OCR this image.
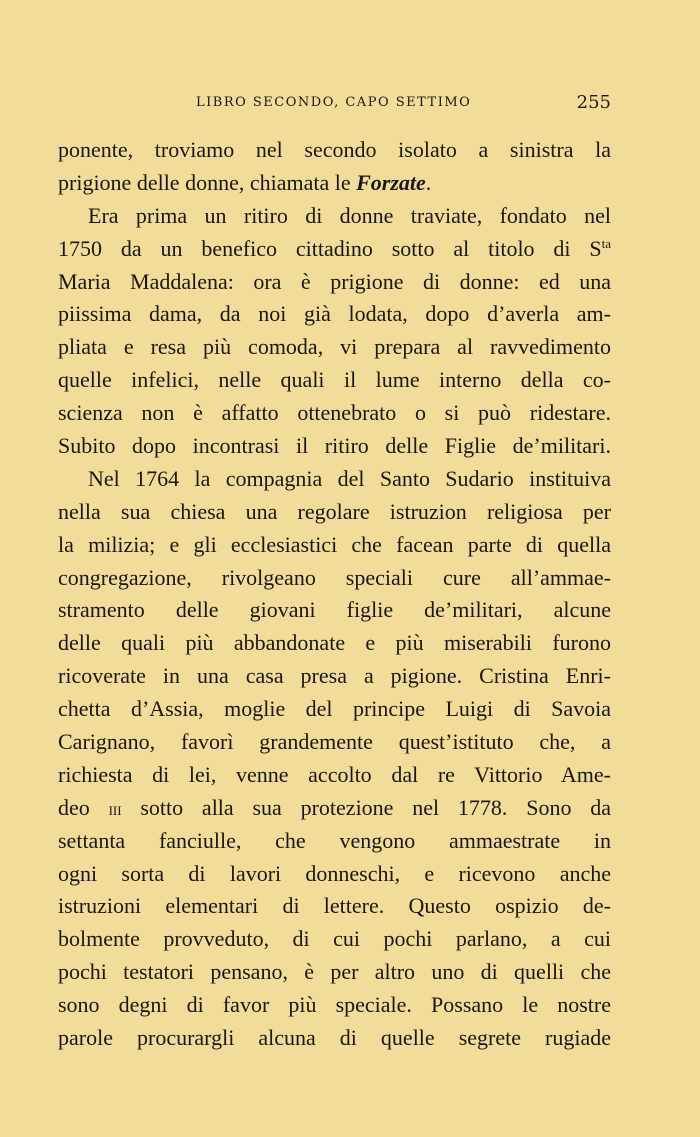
LIBRO SECONDO, CAPO SETTIMO	255
ponente, troviamo nel secondo isolato a sinistra la
prigione delle donne, chiamata le Forzate.
Era prima un ritiro di donne traviate, fondato nel
1750 da un benefico cittadino sotto al titolo di $S^{ta}$
Maria Maddalena: ora è prigione di donne: ed una
piissima dama, da noi già lodata, dopo d’averla am-
pliata e resa più comoda, vi prepara al ravvedimento
quelle infelici, nelle quali il lume interno della co-
scienza non è affatto ottenebrato o si può ridestare.
Subito dopo incontrasi il ritiro delle Figlie de’militari.
Nel 1764 la compagnia del Santo Sudario instituiva
nella sua chiesa una regolare istruzion religiosa per
la milizia; e gli ecclesiastici che facean parte di quella
congregazione, rivolgeano speciali cure all’ammae-
stramento delle giovani figlie de’militari, alcune
delle quali più abbandonate e più miserabili furono
ricoverate in una casa presa a pigione. Cristina Enri-
chetta d’Assia, moglie del principe Luigi di Savoia
Carignano, favorì grandemente quest’istituto che, a
richiesta di lei, venne accolto dal re Vittorio Ame-
deo iii sotto alla sua protezione nel 1778. Sono da
settanta fanciulle, che vengono ammaestrate in
ogni sorta di lavori donneschi, e ricevono anche
istruzioni elementari di lettere. Questo ospizio de-
bolmente provveduto, di cui pochi parlano, a cui
pochi testatori pensano, è per altro uno di quelli che
sono degni di favor più speciale. Possano le nostre
parole procurargli alcuna di quelle segrete rugiade
